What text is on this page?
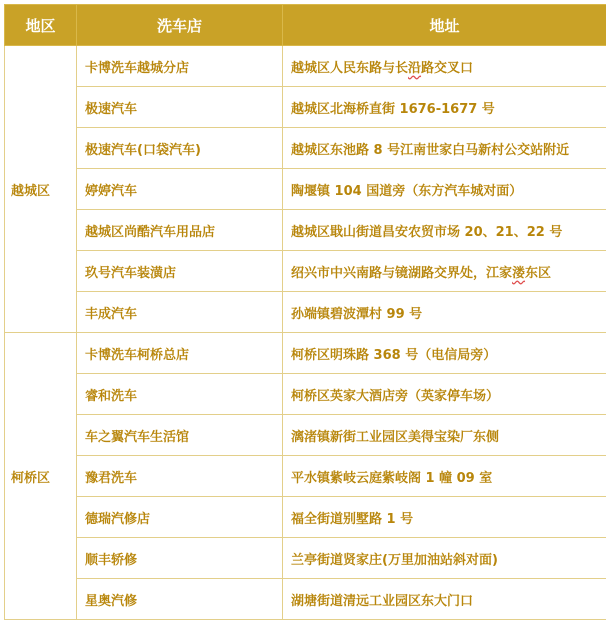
地区	洗车店	地址
越城区	卡博洗车越城分店	越城区人民东路与长沿路交叉口
	极速汽车	越城区北海桥直街 1676-1677 号
	极速汽车(口袋汽车)	越城区东池路 8 号江南世家白马新村公交站附近
	婷婷汽车	陶堰镇 104 国道旁（东方汽车城对面）
	越城区尚酷汽车用品店	越城区戢山街道昌安农贸市场 20、21、22 号
	玖号汽车装潢店	绍兴市中兴南路与镜湖路交界处，江家溇东区
	丰成汽车	孙端镇碧波潭村 99 号
柯桥区	卡博洗车柯桥总店	柯桥区明珠路 368 号（电信局旁）
	睿和洗车	柯桥区英家大酒店旁（英家停车场）
	车之翼汽车生活馆	漓渚镇新街工业园区美得宝染厂东侧
	豫君洗车	平水镇紫岐云庭紫岐阁 1 幢 09 室
	德瑞汽修店	福全街道别墅路 1 号
	顺丰轿修	兰亭街道贤家庄(万里加油站斜对面)
	星奥汽修	湖塘街道清远工业园区东大门口
